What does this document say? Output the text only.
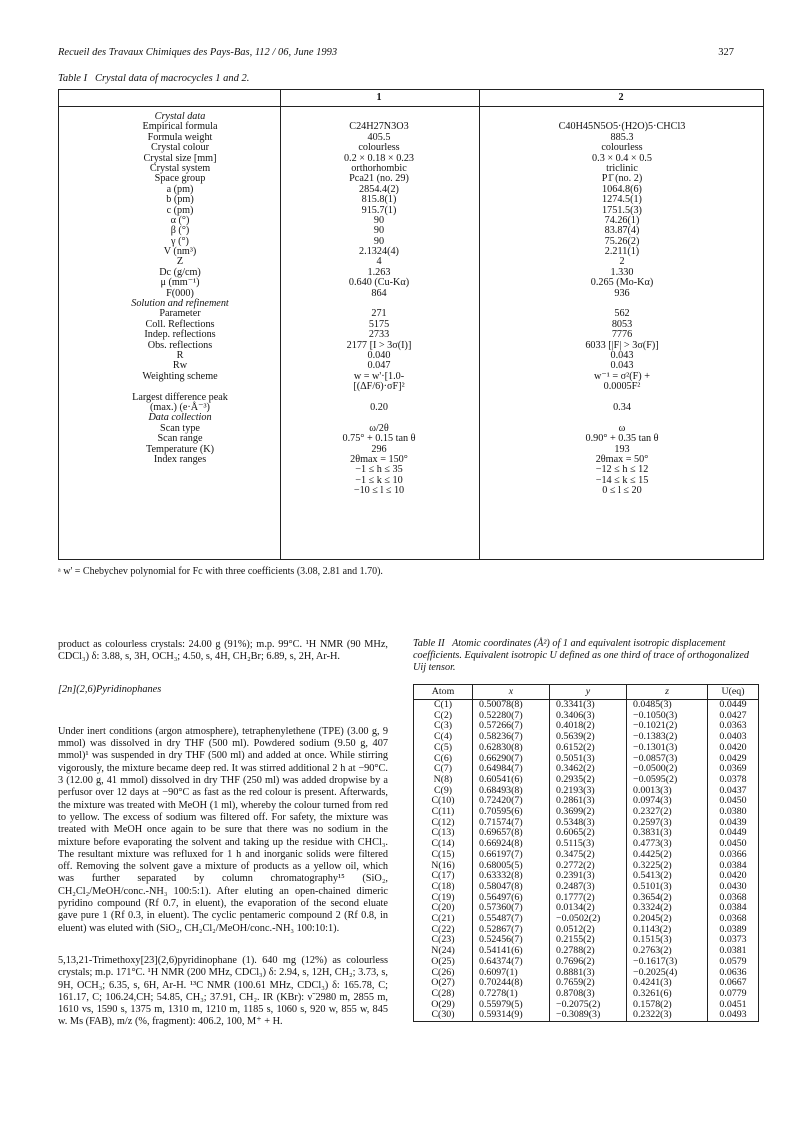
Recueil des Travaux Chimiques des Pays-Bas, 112 / 06, June 1993	327
Table I Crystal data of macrocycles 1 and 2.
1	2
Crystal data
Empirical formula	C24H27N3O3	C40H45N5O5·(H2O)5·CHCl3
Formula weight	405.5	885.3
Crystal colour	colourless	colourless
Crystal size [mm]	0.2 × 0.18 × 0.23	0.3 × 0.4 × 0.5
Crystal system	orthorhombic	triclinic
Space group	Pca21 (no. 29)	P1̄ (no. 2)
a (pm)	2854.4(2)	1064.8(6)
b (pm)	815.8(1)	1274.5(1)
c (pm)	915.7(1)	1751.5(3)
α (°)	90	74.26(1)
β (°)	90	83.87(4)
γ (°)	90	75.26(2)
V (nm³)	2.1324(4)	2.211(1)
Z	4	2
Dc (g/cm)	1.263	1.330
μ (mm⁻¹)	0.640 (Cu-Kα)	0.265 (Mo-Kα)
F(000)	864	936
Solution and refinement
Parameter	271	562
Coll. Reflections	5175	8053
Indep. reflections	2733	7776
Obs. reflections	2177 [I > 3σ(I)]	6033 [|F| > 3σ(F)]
R	0.040	0.043
Rw	0.047	0.043
Weighting scheme	w = w'·[1.0-	w⁻¹ = σ²(F) +
[(ΔF/6)·σF]²	0.0005F²
Largest difference peak
(max.) (e·Å⁻³)	0.20	0.34
Data collection
Scan type	ω/2θ	ω
Scan range	0.75° + 0.15 tan θ	0.90° + 0.35 tan θ
Temperature (K)	296	193
Index ranges	2θmax = 150°	2θmax = 50°
−1 ≤ h ≤ 35	−12 ≤ h ≤ 12
−1 ≤ k ≤ 10	−14 ≤ k ≤ 15
−10 ≤ l ≤ 10	0 ≤ l ≤ 20
ᵃ w' = Chebychev polynomial for Fc with three coefficients (3.08, 2.81 and 1.70).

product as colourless crystals: 24.00 g (91%); m.p. 99°C. ¹H NMR (90 MHz, CDCl₃) δ: 3.88, s, 3H, OCH₃; 4.50, s, 4H, CH₂Br; 6.89, s, 2H, Ar-H.

[2n](2,6)Pyridinophanes

Under inert conditions (argon atmosphere), tetraphenylethene (TPE) (3.00 g, 9 mmol) was dissolved in dry THF (500 ml). Powdered sodium (9.50 g, 407 mmol)¹ was suspended in dry THF (500 ml) and added at once. While stirring vigorously, the mixture became deep red. It was stirred additional 2 h at −90°C. 3 (12.00 g, 41 mmol) dissolved in dry THF (250 ml) was added dropwise by a perfusor over 12 days at −90°C as fast as the red colour is present. Afterwards, the mixture was treated with MeOH (1 ml), whereby the colour turned from red to yellow. The excess of sodium was filtered off. For safety, the mixture was treated with MeOH once again to be sure that there was no sodium in the mixture before evaporating the solvent and taking up the residue with CHCl₃. The resultant mixture was refluxed for 1 h and inorganic solids were filtered off. Removing the solvent gave a mixture of products as a yellow oil, which was further separated by column chromatography¹⁵ (SiO₂, CH₂Cl₂/MeOH/conc.-NH₃ 100:5:1). After eluting an open-chained dimeric pyridino compound (Rf 0.7, in eluent), the evaporation of the second eluate gave pure 1 (Rf 0.3, in eluent). The cyclic pentameric compound 2 (Rf 0.8, in eluent) was eluted with (SiO₂, CH₂Cl₂/MeOH/conc.-NH₃ 100:10:1).

5,13,21-Trimethoxy[23](2,6)pyridinophane (1). 640 mg (12%) as colourless crystals; m.p. 171°C. ¹H NMR (200 MHz, CDCl₃) δ: 2.94, s, 12H, CH₂; 3.73, s, 9H, OCH₃; 6.35, s, 6H, Ar-H. ¹³C NMR (100.61 MHz, CDCl₃) δ: 165.78, C; 161.17, C; 106.24,CH; 54.85, CH₃; 37.91, CH₂. IR (KBr): ν̃ 2980 m, 2855 m, 1610 vs, 1590 s, 1375 m, 1310 m, 1210 m, 1185 s, 1060 s, 920 w, 855 w, 845 w. Ms (FAB), m/z (%, fragment): 406.2, 100, M⁺ + H.

Table II Atomic coordinates (Å²) of 1 and equivalent isotropic displacement coefficients. Equivalent isotropic U defined as one third of trace of orthogonalized Uij tensor.
Atom	x	y	z	U(eq)
C(1)	0.50078(8)	0.3341(3)	0.0485(3)	0.0449
C(2)	0.52280(7)	0.3406(3)	−0.1050(3)	0.0427
C(3)	0.57266(7)	0.4018(2)	−0.1021(2)	0.0363
C(4)	0.58236(7)	0.5639(2)	−0.1383(2)	0.0403
C(5)	0.62830(8)	0.6152(2)	−0.1301(3)	0.0420
C(6)	0.66290(7)	0.5051(3)	−0.0857(3)	0.0429
C(7)	0.64984(7)	0.3462(2)	−0.0500(2)	0.0369
N(8)	0.60541(6)	0.2935(2)	−0.0595(2)	0.0378
C(9)	0.68493(8)	0.2193(3)	0.0013(3)	0.0437
C(10)	0.72420(7)	0.2861(3)	0.0974(3)	0.0450
C(11)	0.70595(6)	0.3699(2)	0.2327(2)	0.0380
C(12)	0.71574(7)	0.5348(3)	0.2597(3)	0.0439
C(13)	0.69657(8)	0.6065(2)	0.3831(3)	0.0449
C(14)	0.66924(8)	0.5115(3)	0.4773(3)	0.0450
C(15)	0.66197(7)	0.3475(2)	0.4425(2)	0.0366
N(16)	0.68005(5)	0.2772(2)	0.3225(2)	0.0384
C(17)	0.63332(8)	0.2391(3)	0.5413(2)	0.0420
C(18)	0.58047(8)	0.2487(3)	0.5101(3)	0.0430
C(19)	0.56497(6)	0.1777(2)	0.3654(2)	0.0368
C(20)	0.57360(7)	0.0134(2)	0.3324(2)	0.0384
C(21)	0.55487(7)	−0.0502(2)	0.2045(2)	0.0368
C(22)	0.52867(7)	0.0512(2)	0.1143(2)	0.0389
C(23)	0.52456(7)	0.2155(2)	0.1515(3)	0.0373
N(24)	0.54141(6)	0.2788(2)	0.2763(2)	0.0381
O(25)	0.64374(7)	0.7696(2)	−0.1617(3)	0.0579
C(26)	0.6097(1)	0.8881(3)	−0.2025(4)	0.0636
O(27)	0.70244(8)	0.7659(2)	0.4241(3)	0.0667
C(28)	0.7278(1)	0.8708(3)	0.3261(6)	0.0779
O(29)	0.55979(5)	−0.2075(2)	0.1578(2)	0.0451
C(30)	0.59314(9)	−0.3089(3)	0.2322(3)	0.0493
